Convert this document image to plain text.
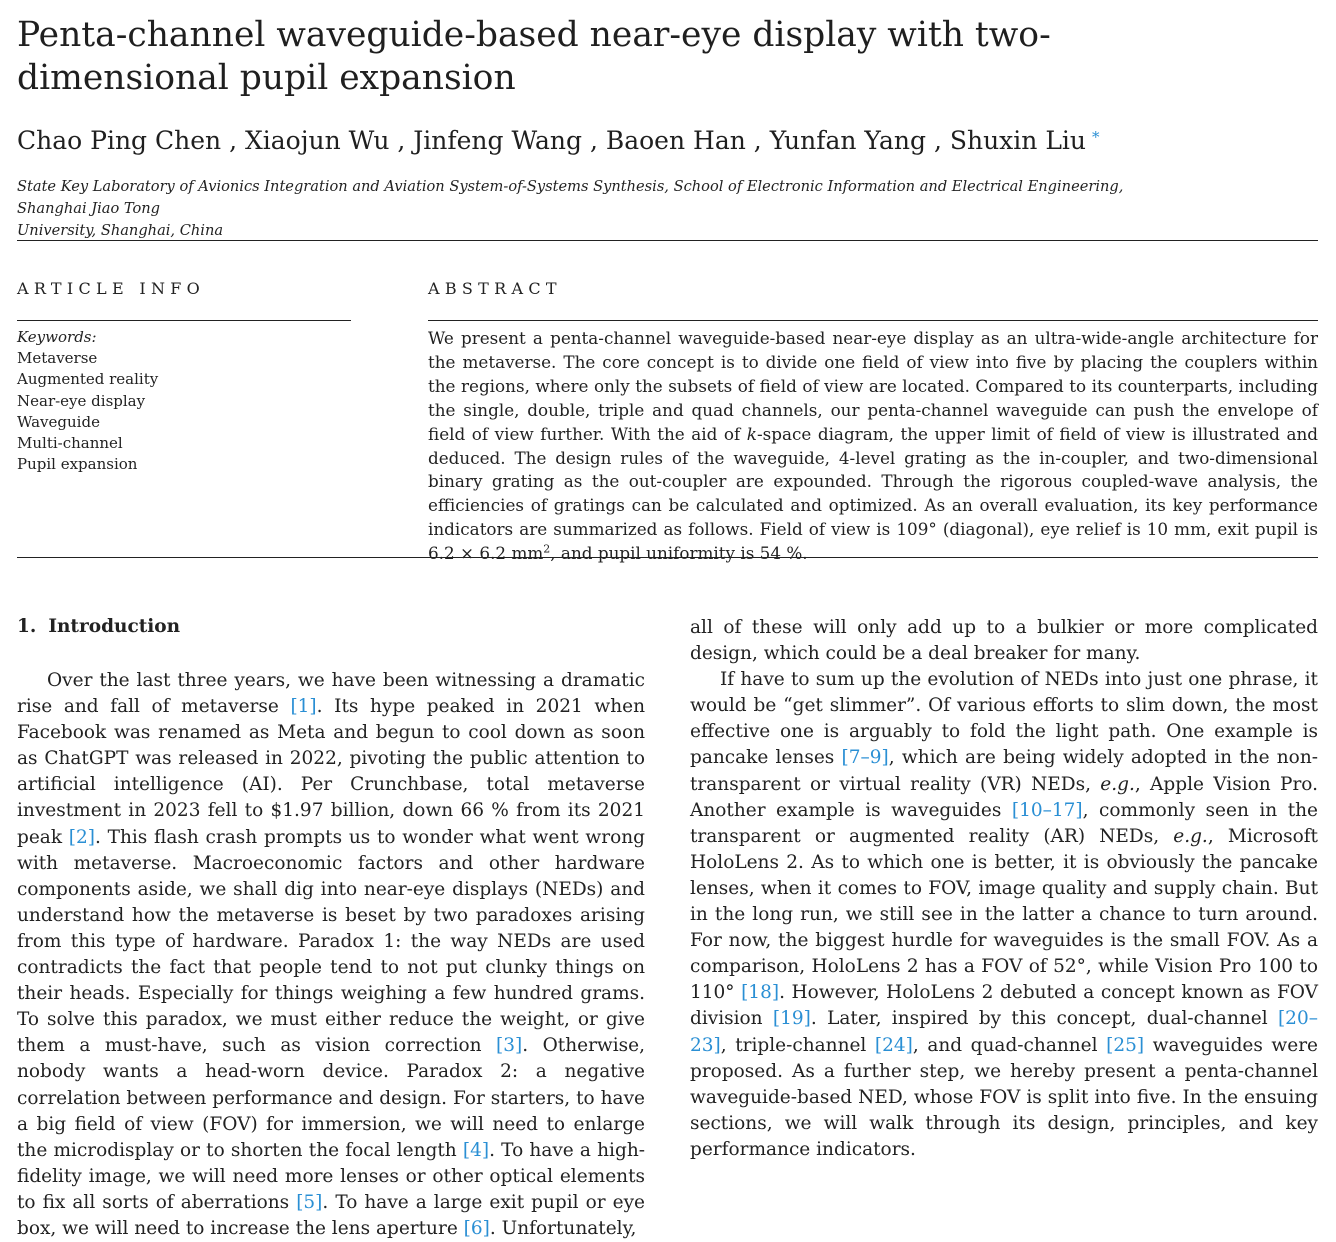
Penta-channel waveguide-based near-eye display with two-dimensional pupil expansion
Chao Ping Chen , Xiaojun Wu , Jinfeng Wang , Baoen Han , Yunfan Yang , Shuxin Liu *
State Key Laboratory of Avionics Integration and Aviation System-of-Systems Synthesis, School of Electronic Information and Electrical Engineering, Shanghai Jiao Tong
University, Shanghai, China
ARTICLE INFO	ABSTRACT
Keywords:
Metaverse
Augmented reality
Near-eye display
Waveguide
Multi-channel
Pupil expansion

We present a penta-channel waveguide-based near-eye display as an ultra-wide-angle architecture for the metaverse. The core concept is to divide one field of view into five by placing the couplers within the regions, where only the subsets of field of view are located. Compared to its counterparts, including the single, double, triple and quad channels, our penta-channel waveguide can push the envelope of field of view further. With the aid of k-space diagram, the upper limit of field of view is illustrated and deduced. The design rules of the waveguide, 4-level grating as the in-coupler, and two-dimensional binary grating as the out-coupler are expounded. Through the rigorous coupled-wave analysis, the efficiencies of gratings can be calculated and optimized. As an overall evaluation, its key performance indicators are summarized as follows. Field of view is 109° (diagonal), eye relief is 10 mm, exit pupil is 6.2 × 6.2 $mm^2$, and pupil uniformity is 54 %.

1. Introduction

Over the last three years, we have been witnessing a dramatic rise and fall of metaverse [1]. Its hype peaked in 2021 when Facebook was renamed as Meta and begun to cool down as soon as ChatGPT was released in 2022, pivoting the public attention to artificial intelligence (AI). Per Crunchbase, total metaverse investment in 2023 fell to $1.97 billion, down 66 % from its 2021 peak [2]. This flash crash prompts us to wonder what went wrong with metaverse. Macroeconomic factors and other hardware components aside, we shall dig into near-eye displays (NEDs) and understand how the metaverse is beset by two paradoxes arising from this type of hardware. Paradox 1: the way NEDs are used contradicts the fact that people tend to not put clunky things on their heads. Especially for things weighing a few hundred grams. To solve this paradox, we must either reduce the weight, or give them a must-have, such as vision correction [3]. Otherwise, nobody wants a head-worn device. Paradox 2: a negative correlation between performance and design. For starters, to have a big field of view (FOV) for immersion, we will need to enlarge the microdisplay or to shorten the focal length [4]. To have a high-fidelity image, we will need more lenses or other optical elements to fix all sorts of aberrations [5]. To have a large exit pupil or eye box, we will need to increase the lens aperture [6]. Unfortunately,

all of these will only add up to a bulkier or more complicated design, which could be a deal breaker for many.

If have to sum up the evolution of NEDs into just one phrase, it would be “get slimmer”. Of various efforts to slim down, the most effective one is arguably to fold the light path. One example is pancake lenses [7–9], which are being widely adopted in the non-transparent or virtual reality (VR) NEDs, e.g., Apple Vision Pro. Another example is waveguides [10–17], commonly seen in the transparent or augmented reality (AR) NEDs, e.g., Microsoft HoloLens 2. As to which one is better, it is obviously the pancake lenses, when it comes to FOV, image quality and supply chain. But in the long run, we still see in the latter a chance to turn around. For now, the biggest hurdle for waveguides is the small FOV. As a comparison, HoloLens 2 has a FOV of 52°, while Vision Pro 100 to 110° [18]. However, HoloLens 2 debuted a concept known as FOV division [19]. Later, inspired by this concept, dual-channel [20–23], triple-channel [24], and quad-channel [25] waveguides were proposed. As a further step, we hereby present a penta-channel waveguide-based NED, whose FOV is split into five. In the ensuing sections, we will walk through its design, principles, and key performance indicators.
